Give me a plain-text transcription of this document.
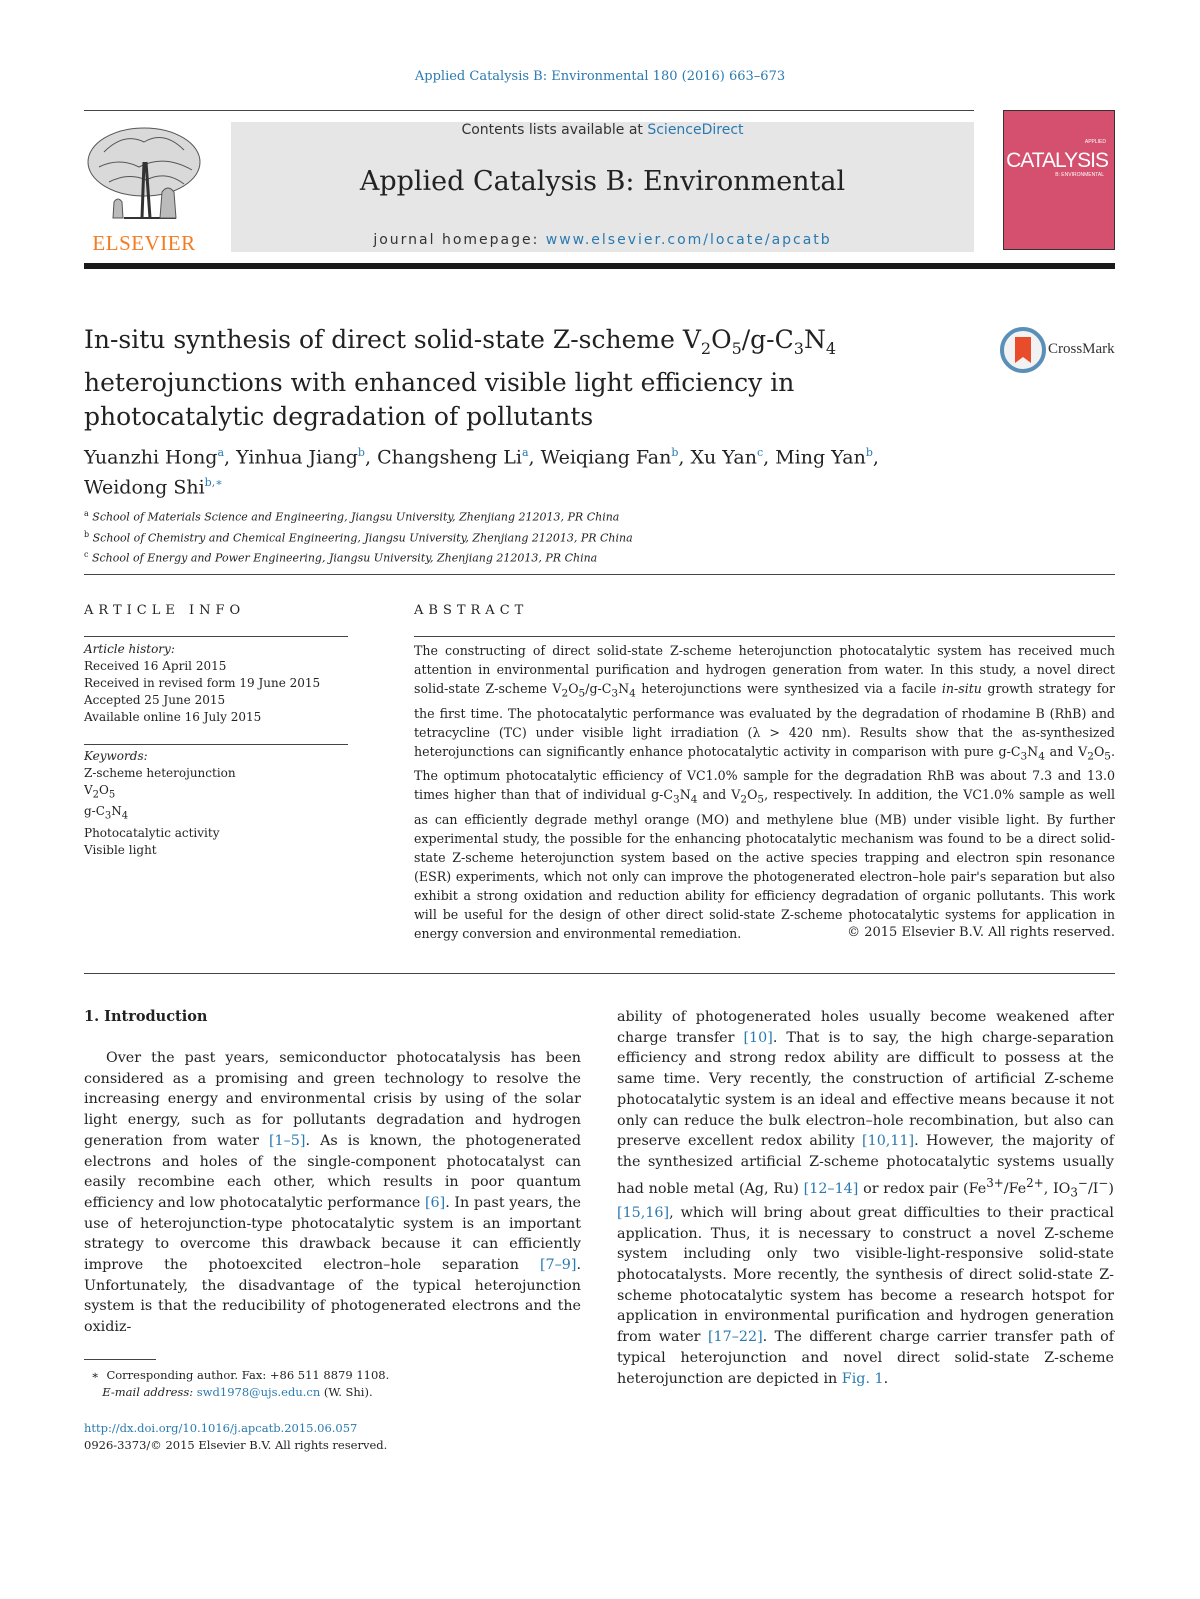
Applied Catalysis B: Environmental 180 (2016) 663–673
ELSEVIER
Contents lists available at ScienceDirect
Applied Catalysis B: Environmental
journal homepage: www.elsevier.com/locate/apcatb
APPLIED
CATALYSIS
B: ENVIRONMENTAL
In-situ synthesis of direct solid-state Z-scheme $V_2O_5/g-C_3N_4$
heterojunctions with enhanced visible light efficiency in
photocatalytic degradation of pollutants
CrossMark
Yuanzhi Hong$^a$, Yinhua Jiang$^b$, Changsheng Li$^a$, Weiqiang Fan$^b$, Xu Yan$^c$, Ming Yan$^b$,
Weidong Shi$^{b,∗}$
$^a$ School of Materials Science and Engineering, Jiangsu University, Zhenjiang 212013, PR China
$^b$ School of Chemistry and Chemical Engineering, Jiangsu University, Zhenjiang 212013, PR China
$^c$ School of Energy and Power Engineering, Jiangsu University, Zhenjiang 212013, PR China
ARTICLE INFO	ABSTRACT
Article history:
Received 16 April 2015
Received in revised form 19 June 2015
Accepted 25 June 2015
Available online 16 July 2015
Keywords:
Z-scheme heterojunction
$V_2O_5$
$g-C_3N_4$
Photocatalytic activity
Visible light
The constructing of direct solid-state Z-scheme heterojunction photocatalytic system has received much attention in environmental purification and hydrogen generation from water. In this study, a novel direct solid-state Z-scheme $V_2O_5/g-C_3N_4$ heterojunctions were synthesized via a facile in-situ growth strategy for the first time. The photocatalytic performance was evaluated by the degradation of rhodamine B (RhB) and tetracycline (TC) under visible light irradiation (λ > 420 nm). Results show that the as-synthesized heterojunctions can significantly enhance photocatalytic activity in comparison with pure $g-C_3N_4$ and $V_2O_5$. The optimum photocatalytic efficiency of VC1.0% sample for the degradation RhB was about 7.3 and 13.0 times higher than that of individual $g-C_3N_4$ and $V_2O_5$, respectively. In addition, the VC1.0% sample as well as can efficiently degrade methyl orange (MO) and methylene blue (MB) under visible light. By further experimental study, the possible for the enhancing photocatalytic mechanism was found to be a direct solid-state Z-scheme heterojunction system based on the active species trapping and electron spin resonance (ESR) experiments, which not only can improve the photogenerated electron–hole pair's separation but also exhibit a strong oxidation and reduction ability for efficiency degradation of organic pollutants. This work will be useful for the design of other direct solid-state Z-scheme photocatalytic systems for application in energy conversion and environmental remediation.	© 2015 Elsevier B.V. All rights reserved.
1. Introduction
Over the past years, semiconductor photocatalysis has been considered as a promising and green technology to resolve the increasing energy and environmental crisis by using of the solar light energy, such as for pollutants degradation and hydrogen generation from water [1–5]. As is known, the photogenerated electrons and holes of the single-component photocatalyst can easily recombine each other, which results in poor quantum efficiency and low photocatalytic performance [6]. In past years, the use of heterojunction-type photocatalytic system is an important strategy to overcome this drawback because it can efficiently improve the photoexcited electron–hole separation [7–9]. Unfortunately, the disadvantage of the typical heterojunction system is that the reducibility of photogenerated electrons and the oxidiz-
ability of photogenerated holes usually become weakened after charge transfer [10]. That is to say, the high charge-separation efficiency and strong redox ability are difficult to possess at the same time. Very recently, the construction of artificial Z-scheme photocatalytic system is an ideal and effective means because it not only can reduce the bulk electron–hole recombination, but also can preserve excellent redox ability [10,11]. However, the majority of the synthesized artificial Z-scheme photocatalytic systems usually had noble metal (Ag, Ru) [12–14] or redox pair ($Fe^{3+}/Fe^{2+}$, $IO_3^-/I^-$) [15,16], which will bring about great difficulties to their practical application. Thus, it is necessary to construct a novel Z-scheme system including only two visible-light-responsive solid-state photocatalysts. More recently, the synthesis of direct solid-state Z-scheme photocatalytic system has become a research hotspot for application in environmental purification and hydrogen generation from water [17–22]. The different charge carrier transfer path of typical heterojunction and novel direct solid-state Z-scheme heterojunction are depicted in Fig. 1.
∗  Corresponding author. Fax: +86 511 8879 1108.
E-mail address: swd1978@ujs.edu.cn (W. Shi).
http://dx.doi.org/10.1016/j.apcatb.2015.06.057
0926-3373/© 2015 Elsevier B.V. All rights reserved.
